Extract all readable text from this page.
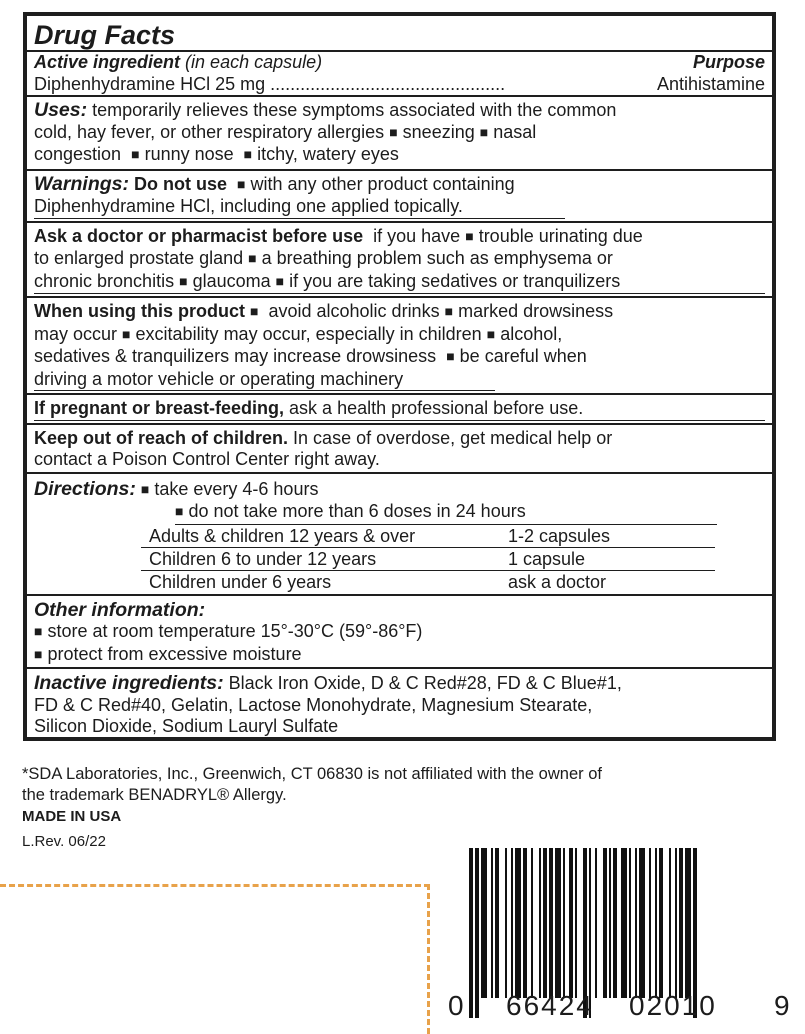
Drug Facts
Active ingredient (in each capsule)	Purpose
Diphenhydramine HCl 25 mg ...............................................	Antihistamine
Uses: temporarily relieves these symptoms associated with the common
cold, hay fever, or other respiratory allergies ■ sneezing ■ nasal
congestion ■ runny nose ■ itchy, watery eyes
Warnings: Do not use ■ with any other product containing
Diphenhydramine HCl, including one applied topically.
Ask a doctor or pharmacist before use if you have ■ trouble urinating due
to enlarged prostate gland ■ a breathing problem such as emphysema or
chronic bronchitis ■ glaucoma ■ if you are taking sedatives or tranquilizers
When using this product ■ avoid alcoholic drinks ■ marked drowsiness
may occur ■ excitability may occur, especially in children ■ alcohol,
sedatives & tranquilizers may increase drowsiness ■ be careful when
driving a motor vehicle or operating machinery
If pregnant or breast-feeding, ask a health professional before use.
Keep out of reach of children. In case of overdose, get medical help or
contact a Poison Control Center right away.
Directions: ■ take every 4-6 hours
■ do not take more than 6 doses in 24 hours
Adults & children 12 years & over	1-2 capsules
Children 6 to under 12 years	1 capsule
Children under 6 years	ask a doctor
Other information:
■ store at room temperature 15°-30°C (59°-86°F)
■ protect from excessive moisture
Inactive ingredients: Black Iron Oxide, D & C Red#28, FD & C Blue#1,
FD & C Red#40, Gelatin, Lactose Monohydrate, Magnesium Stearate,
Silicon Dioxide, Sodium Lauryl Sulfate
*SDA Laboratories, Inc., Greenwich, CT 06830 is not affiliated with the owner of
the trademark BENADRYL® Allergy.
MADE IN USA
L.Rev. 06/22
0 66424 02010 9
